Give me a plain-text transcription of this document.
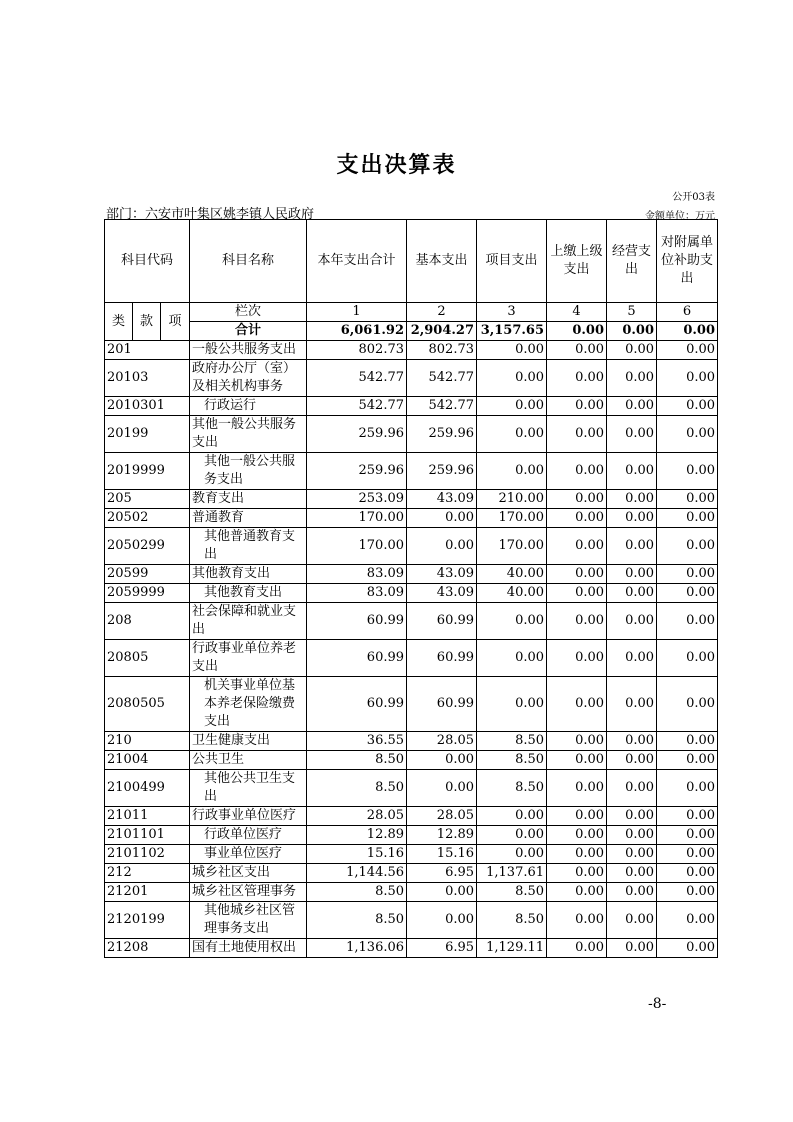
支出决算表
公开03表
部门：六安市叶集区姚李镇人民政府	金额单位：万元
科目代码			科目名称	本年支出合计	基本支出	项目支出	上缴上级支出	经营支出	对附属单位补助支出
类	款	项	栏次	1	2	3	4	5	6
			合计	6,061.92	2,904.27	3,157.65	0.00	0.00	0.00
201			一般公共服务支出	802.73	802.73	0.00	0.00	0.00	0.00
20103			政府办公厅（室）及相关机构事务	542.77	542.77	0.00	0.00	0.00	0.00
2010301			行政运行	542.77	542.77	0.00	0.00	0.00	0.00
20199			其他一般公共服务支出	259.96	259.96	0.00	0.00	0.00	0.00
2019999			其他一般公共服务支出	259.96	259.96	0.00	0.00	0.00	0.00
205			教育支出	253.09	43.09	210.00	0.00	0.00	0.00
20502			普通教育	170.00	0.00	170.00	0.00	0.00	0.00
2050299			其他普通教育支出	170.00	0.00	170.00	0.00	0.00	0.00
20599			其他教育支出	83.09	43.09	40.00	0.00	0.00	0.00
2059999			其他教育支出	83.09	43.09	40.00	0.00	0.00	0.00
208			社会保障和就业支出	60.99	60.99	0.00	0.00	0.00	0.00
20805			行政事业单位养老支出	60.99	60.99	0.00	0.00	0.00	0.00
2080505			机关事业单位基本养老保险缴费支出	60.99	60.99	0.00	0.00	0.00	0.00
210			卫生健康支出	36.55	28.05	8.50	0.00	0.00	0.00
21004			公共卫生	8.50	0.00	8.50	0.00	0.00	0.00
2100499			其他公共卫生支出	8.50	0.00	8.50	0.00	0.00	0.00
21011			行政事业单位医疗	28.05	28.05	0.00	0.00	0.00	0.00
2101101			行政单位医疗	12.89	12.89	0.00	0.00	0.00	0.00
2101102			事业单位医疗	15.16	15.16	0.00	0.00	0.00	0.00
212			城乡社区支出	1,144.56	6.95	1,137.61	0.00	0.00	0.00
21201			城乡社区管理事务	8.50	0.00	8.50	0.00	0.00	0.00
2120199			其他城乡社区管理事务支出	8.50	0.00	8.50	0.00	0.00	0.00
21208			国有土地使用权出	1,136.06	6.95	1,129.11	0.00	0.00	0.00
-8-
